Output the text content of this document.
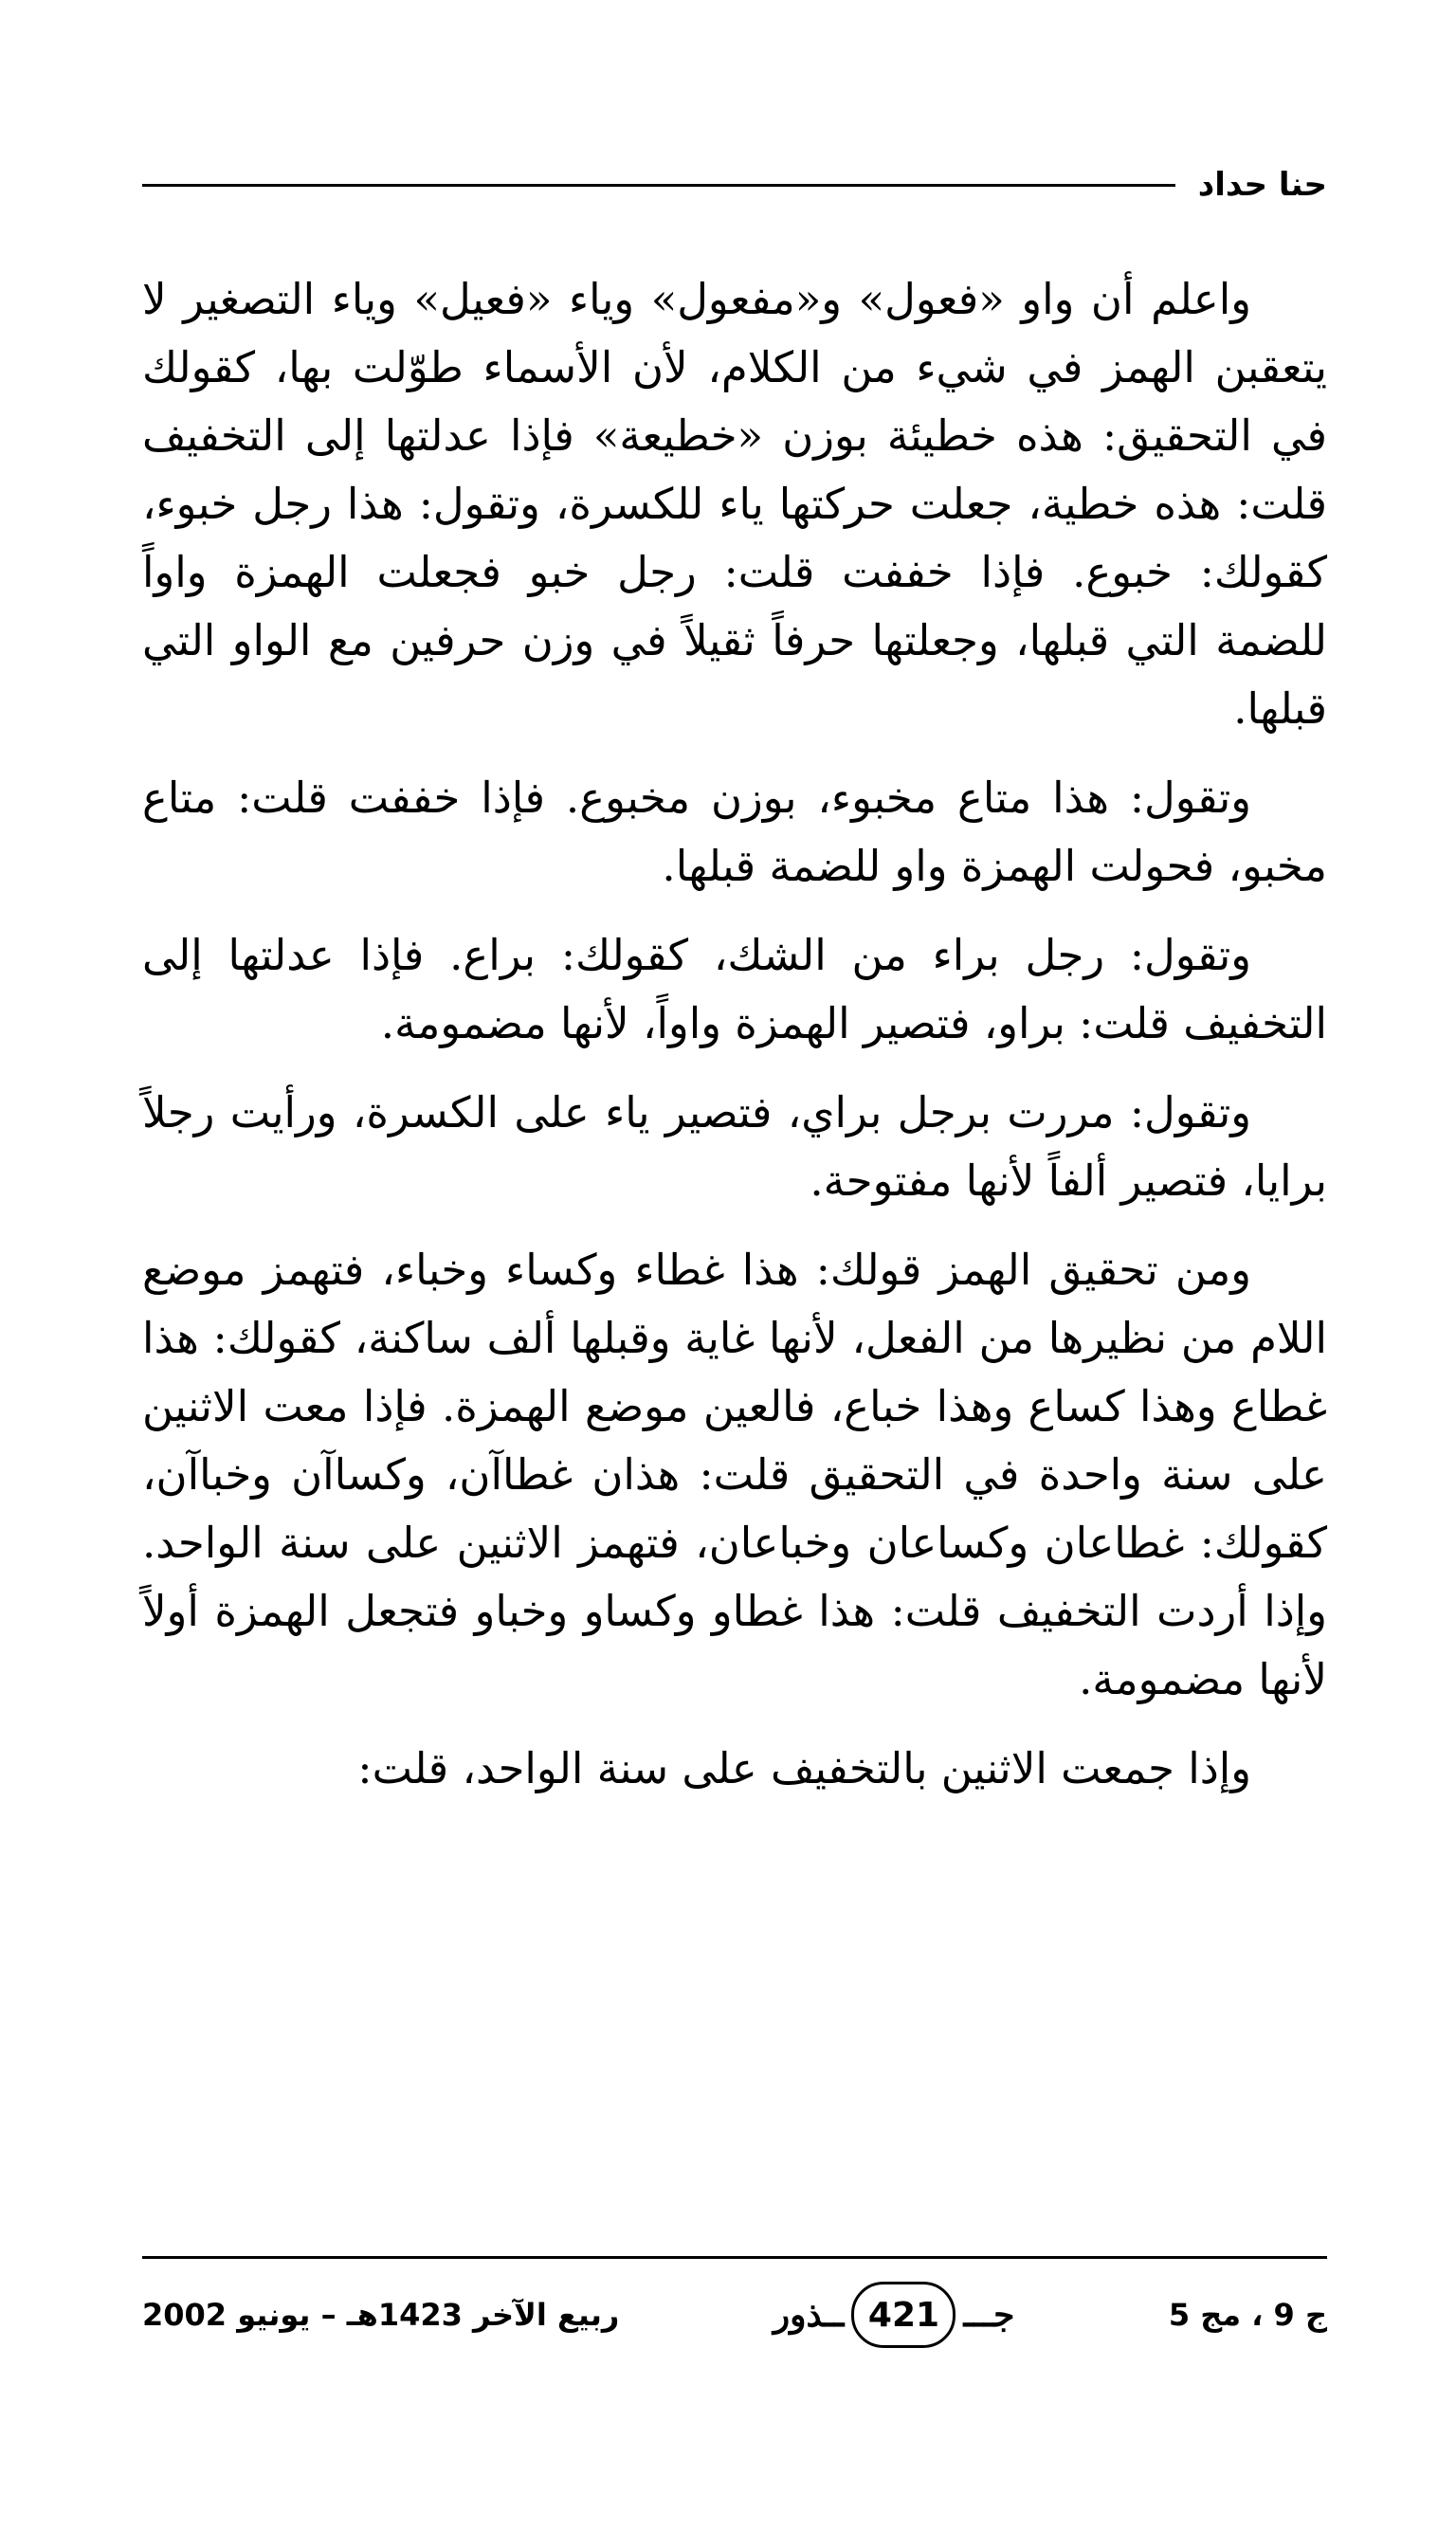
حنا حداد

واعلم أن واو «فعول» و«مفعول» وياء «فعيل» وياء التصغير لا يتعقبن الهمز في شيء من الكلام، لأن الأسماء طوّلت بها، كقولك في التحقيق: هذه خطيئة بوزن «خطيعة» فإذا عدلتها إلى التخفيف قلت: هذه خطية، جعلت حركتها ياء للكسرة، وتقول: هذا رجل خبوء، كقولك: خبوع. فإذا خففت قلت: رجل خبو فجعلت الهمزة واواً للضمة التي قبلها، وجعلتها حرفاً ثقيلاً في وزن حرفين مع الواو التي قبلها.

وتقول: هذا متاع مخبوء، بوزن مخبوع. فإذا خففت قلت: متاع مخبو، فحولت الهمزة واو للضمة قبلها.

وتقول: رجل براء من الشك، كقولك: براع. فإذا عدلتها إلى التخفيف قلت: براو، فتصير الهمزة واواً، لأنها مضمومة.

وتقول: مررت برجل براي، فتصير ياء على الكسرة، ورأيت رجلاً برايا، فتصير ألفاً لأنها مفتوحة.

ومن تحقيق الهمز قولك: هذا غطاء وكساء وخباء، فتهمز موضع اللام من نظيرها من الفعل، لأنها غاية وقبلها ألف ساكنة، كقولك: هذا غطاع وهذا كساع وهذا خباع، فالعين موضع الهمزة. فإذا معت الاثنين على سنة واحدة في التحقيق قلت: هذان غطاآن، وكساآن وخباآن، كقولك: غطاعان وكساعان وخباعان، فتهمز الاثنين على سنة الواحد. وإذا أردت التخفيف قلت: هذا غطاو وكساو وخباو فتجعل الهمزة أولاً لأنها مضمومة.

وإذا جمعت الاثنين بالتخفيف على سنة الواحد، قلت:

ج 9 ، مج 5
جـــ
421
ــذور
ربيع الآخر 1423هـ – يونيو 2002
